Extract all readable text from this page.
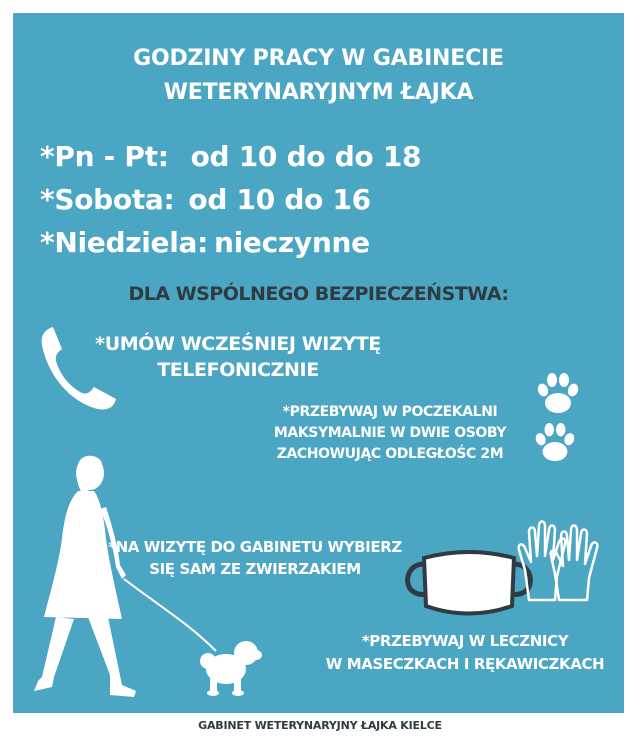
GODZINY PRACY W GABINECIE
WETERYNARYJNYM ŁAJKA
*Pn - Pt: od 10 do do 18
*Sobota: od 10 do 16
*Niedziela: nieczynne
DLA WSPÓLNEGO BEZPIECZEŃSTWA:
*UMÓW WCZEŚNIEJ WIZYTĘ
TELEFONICZNIE
*PRZEBYWAJ W POCZEKALNI
MAKSYMALNIE W DWIE OSOBY
ZACHOWUJĄC ODLEGŁOŚC 2M
*NA WIZYTĘ DO GABINETU WYBIERZ
SIĘ SAM ZE ZWIERZAKIEM
*PRZEBYWAJ W LECZNICY
W MASECZKACH I RĘKAWICZKACH
GABINET WETERYNARYJNY ŁAJKA KIELCE
